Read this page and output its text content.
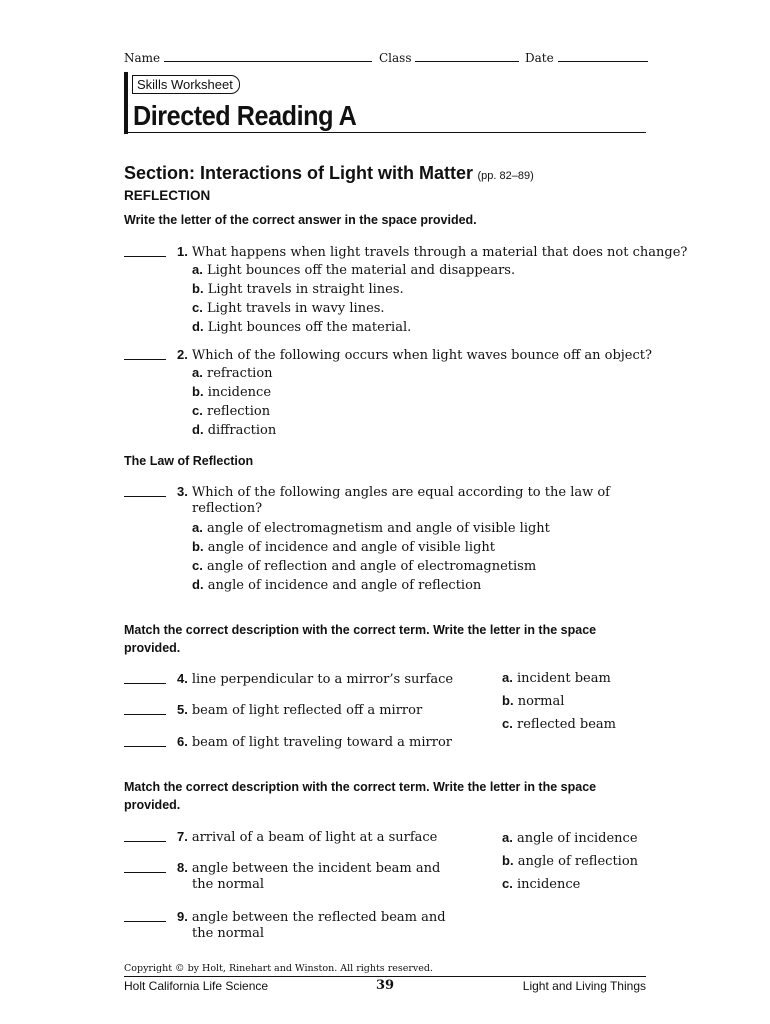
Name	Class	Date
Skills Worksheet
Directed Reading A
Section: Interactions of Light with Matter (pp. 82–89)
REFLECTION
Write the letter of the correct answer in the space provided.
1. What happens when light travels through a material that does not change?
a. Light bounces off the material and disappears.
b. Light travels in straight lines.
c. Light travels in wavy lines.
d. Light bounces off the material.
2. Which of the following occurs when light waves bounce off an object?
a. refraction
b. incidence
c. reflection
d. diffraction
The Law of Reflection
3. Which of the following angles are equal according to the law of
reflection?
a. angle of electromagnetism and angle of visible light
b. angle of incidence and angle of visible light
c. angle of reflection and angle of electromagnetism
d. angle of incidence and angle of reflection
Match the correct description with the correct term. Write the letter in the space
provided.
4. line perpendicular to a mirror’s surface
5. beam of light reflected off a mirror
6. beam of light traveling toward a mirror
a. incident beam
b. normal
c. reflected beam
Match the correct description with the correct term. Write the letter in the space
provided.
7. arrival of a beam of light at a surface
8. angle between the incident beam and
the normal
9. angle between the reflected beam and
the normal
a. angle of incidence
b. angle of reflection
c. incidence
Copyright © by Holt, Rinehart and Winston. All rights reserved.
Holt California Life Science	39	Light and Living Things
